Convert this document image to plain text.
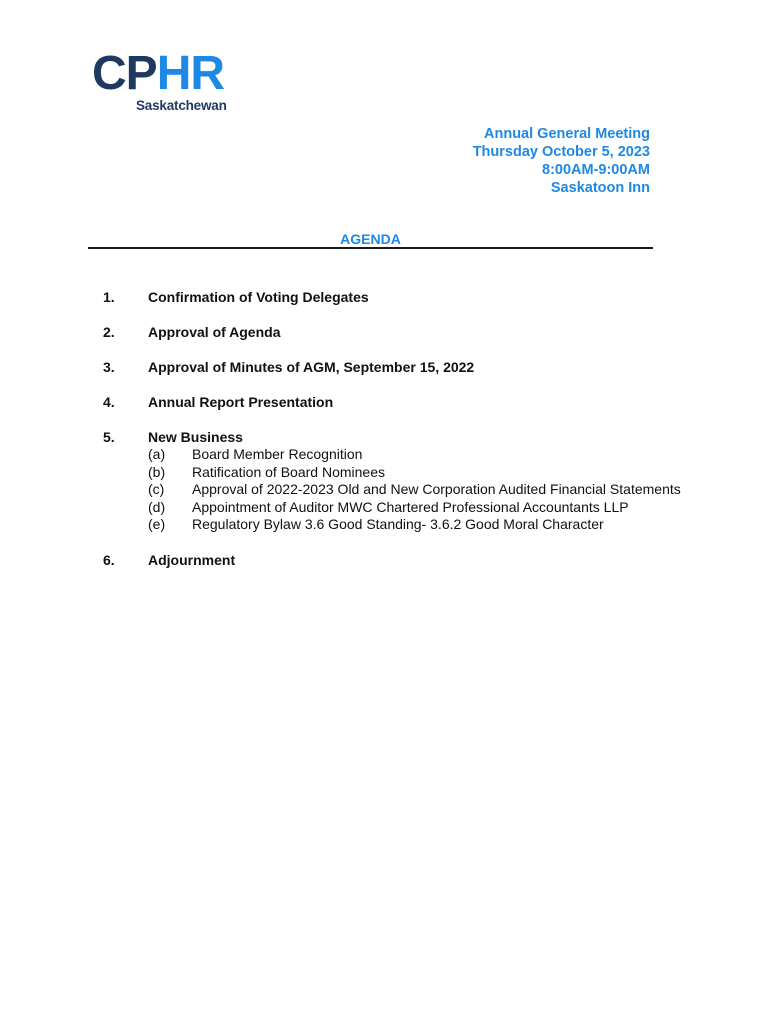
CPHR
Saskatchewan
Annual General Meeting
Thursday October 5, 2023
8:00AM-9:00AM
Saskatoon Inn
AGENDA
1. Confirmation of Voting Delegates
2. Approval of Agenda
3. Approval of Minutes of AGM, September 15, 2022
4. Annual Report Presentation
5. New Business
(a) Board Member Recognition
(b) Ratification of Board Nominees
(c) Approval of 2022-2023 Old and New Corporation Audited Financial Statements
(d) Appointment of Auditor MWC Chartered Professional Accountants LLP
(e) Regulatory Bylaw 3.6 Good Standing- 3.6.2 Good Moral Character
6. Adjournment
